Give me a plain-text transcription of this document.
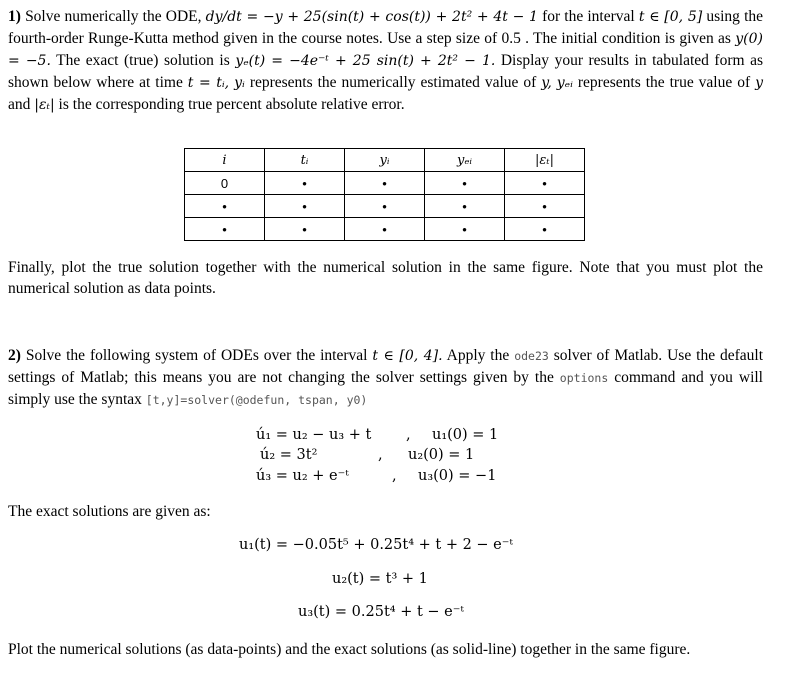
1) Solve numerically the ODE, dy/dt = −y + 25(sin(t) + cos(t)) + 2t² + 4t − 1 for the interval t ∈ [0, 5] using the fourth-order Runge-Kutta method given in the course notes. Use a step size of 0.5 . The initial condition is given as y(0) = −5. The exact (true) solution is yₑ(t) = −4e⁻ᵗ + 25 sin(t) + 2t² − 1. Display your results in tabulated form as shown below where at time t = tᵢ, yᵢ represents the numerically estimated value of y, yₑᵢ represents the true value of y and |εₜ| is the corresponding true percent absolute relative error.
i	tᵢ	yᵢ	yₑᵢ	|εₜ|
0	•	•	•	•
•	•	•	•	•
•	•	•	•	•
Finally, plot the true solution together with the numerical solution in the same figure. Note that you must plot the numerical solution as data points.
2) Solve the following system of ODEs over the interval t ∈ [0, 4]. Apply the ode23 solver of Matlab. Use the default settings of Matlab; this means you are not changing the solver settings given by the options command and you will simply use the syntax [t,y]=solver(@odefun, tspan, y0)
ú₁ = u₂ − u₃ + t , u₁(0) = 1
ú₂ = 3t²	, u₂(0) = 1
ú₃ = u₂ + e⁻ᵗ	, u₃(0) = −1
The exact solutions are given as:
u₁(t) = −0.05t⁵ + 0.25t⁴ + t + 2 − e⁻ᵗ
u₂(t) = t³ + 1
u₃(t) = 0.25t⁴ + t − e⁻ᵗ
Plot the numerical solutions (as data-points) and the exact solutions (as solid-line) together in the same figure.
